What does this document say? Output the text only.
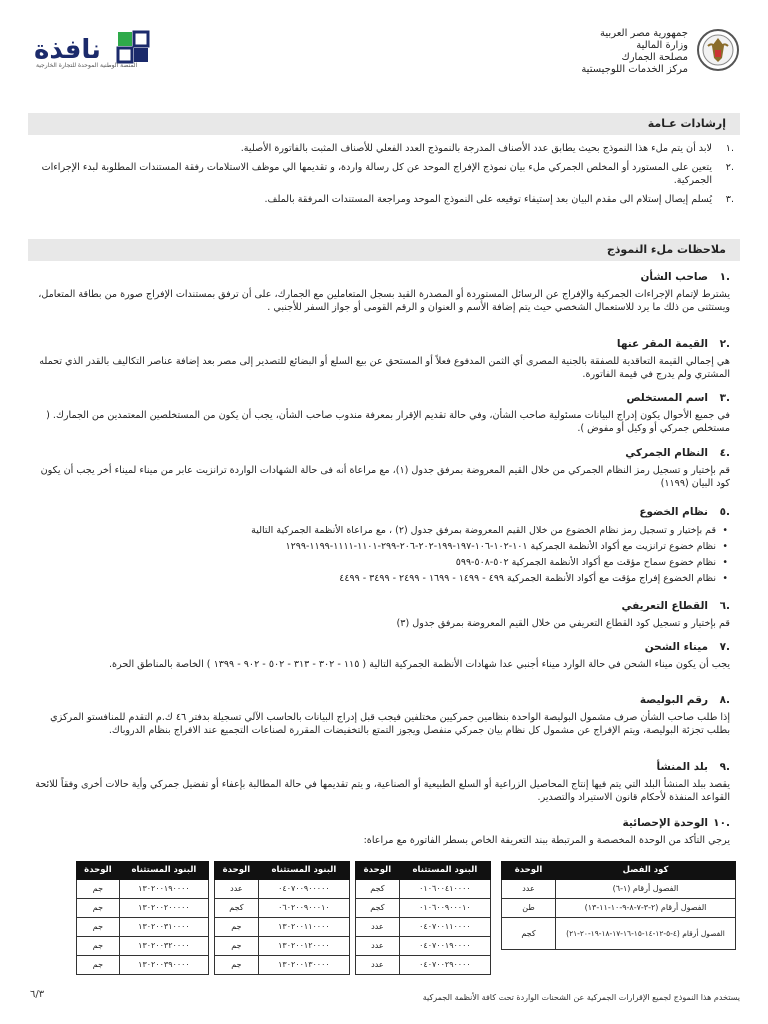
جمهورية مصر العربية
وزارة المالية
مصلحة الجمارك
مركز الخدمات اللوجيستية
نافذة
المنصة الوطنية الموحدة للتجارة الخارجية
إرشادات عـامة
.١
لابد أن يتم ملء هذا النموذج بحيث يطابق عدد الأصناف المدرجة بالنموذج العدد الفعلي للأصناف المثبت بالفاتورة الأصلية.
.٢
يتعين على المستورد أو المخلص الجمركي ملء بيان نموذج الإفراج الموحد عن كل رسالة واردة، و تقديمها الي موظف الاستلامات رفقة المستندات المطلوبة لبدء الإجراءات الجمركية.
.٣
يُسلم إيصال إستلام الى مقدم البيان بعد إستيفاء توقيعه على النموذج الموحد ومراجعة المستندات المرفقة بالملف.
ملاحظات ملء النموذج
.١صاحب الشأن
يشترط لإتمام الإجراءات الجمركية والإفراج عن الرسائل المستوردة أو المصدرة القيد بسجل المتعاملين مع الجمارك، على أن ترفق بمستندات الإفراج صورة من بطاقة المتعامل، ويستثنى من ذلك ما يرد للاستعمال الشخصي حيث يتم إضافة الأسم و العنوان و الرقم القومى أو جواز السفر للأجنبي .
.٢القيمة المقر عنها
هي إجمالي القيمة التعاقدية للصفقة بالجنية المصرى أي الثمن المدفوع فعلاً أو المستحق عن بيع السلع أو البضائع للتصدير إلى مصر بعد إضافة عناصر التكاليف بالقدر الذي تحمله المشتري ولم يدرج في قيمة الفاتورة.
.٣اسم المستخلص
في جميع الأحوال يكون إدراج البيانات مسئولية صاحب الشأن، وفي حالة تقديم الإقرار بمعرفة مندوب صاحب الشأن، يجب أن يكون من المستخلصين المعتمدين من الجمارك. ( مستخلص جمركي أو وكيل أو مفوض ).
.٤النظام الجمركي
قم بإختيار و تسجيل رمز النظام الجمركي من خلال القيم المعروضة بمرفق جدول (١)، مع مراعاة أنه فى حالة الشهادات الواردة ترانزيت عابر من ميناء لميناء أخر يجب أن يكون كود البيان (١١٩٩)
.٥نظام الخضوع
• قم بإختيار و تسجيل رمز نظام الخضوع من خلال القيم المعروضة بمرفق جدول (٢) ، مع مراعاة الأنظمة الجمركية التالية
• نظام خضوع ترانزيت مع أكواد الأنظمة الجمركية ١٠١-١٠٢-١٠٦-١٩٧-١٩٩-٢٠٢-٢٠٦-٢٩٩-١١٠١-١١١١-١١٩٩-١٢٩٩
• نظام خضوع سماح مؤقت مع أكواد الأنظمة الجمركية ٥٠٢-٥٠٨-٥٩٩
• نظام الخضوع إفراج مؤقت مع أكواد الأنظمة الجمركية ٤٩٩ - ١٤٩٩ - ١٦٩٩ - ٢٤٩٩ - ٣٤٩٩ - ٤٤٩٩
.٦القطاع التعريفي
قم بإختيار و تسجيل كود القطاع التعريفي من خلال القيم المعروضة بمرفق جدول (٣)
.٧ميناء الشحن
يجب أن يكون ميناء الشحن في حالة الوارد ميناء أجنبي عدا شهادات الأنظمة الجمركية التالية ( ١١٥ - ٣٠٢ - ٣١٣ - ٥٠٢ - ٩٠٢ - ١٣٩٩ ) الخاصة بالمناطق الحرة.
.٨رقم البوليصة
إذا طلب صاحب الشأن صرف مشمول البوليصة الواحدة بنظامين جمركيين مختلفين فيجب قبل إدراج البيانات بالحاسب الآلي تسجيلة بدفتر ٤٦ ك.م التقدم للمنافستو المركزي بطلب تجزئة البوليصة، ويتم الإفراج عن مشمول كل نظام بيان جمركي منفصل ويجوز التمتع بالتخفيضات المقررة لصناعات التجميع عند الافراج بنظام الدروباك.
.٩بلد المنشأ
يقصد ببلد المنشأ البلد التي يتم فيها إنتاج المحاصيل الزراعية أو السلع الطبيعية أو الصناعية، و يتم تقديمها في حالة المطالبة بإعفاء أو تفضيل جمركي وأية حالات أخرى وفقاً للائحة القواعد المنفذة لأحكام قانون الاستيراد والتصدير.
.١٠الوحدة الإحصائية
يرجي التأكد من الوحدة المخصصة و المرتبطة ببند التعريفة الخاص بسطر الفاتورة مع مراعاة:
كود الفصل	الوحدة
الفصول أرقام (١-٦)	عدد
الفصول أرقام (٢-٣-٧-٨-٩-١٠-١١-١٣)	طن
الفصول أرقام (٤-٥-١٢-١٤-١٥-١٦-١٧-١٨-١٩-٢٠-٢١)	كجم
البنود المستثناه	الوحدة
٠١٠٦٠٠٤١٠٠٠٠	كجم
٠١٠٦٠٠٩٠٠٠١٠	كجم
٠٤٠٧٠٠١١٠٠٠٠	عدد
٠٤٠٧٠٠١٩٠٠٠٠	عدد
٠٤٠٧٠٠٢٩٠٠٠٠	عدد
البنود المستثناه	الوحدة
٠٤٠٧٠٠٩٠٠٠٠٠	عدد
٠٦٠٢٠٠٩٠٠٠١٠	كجم
١٣٠٢٠٠١١٠٠٠٠	جم
١٣٠٢٠٠١٢٠٠٠٠	جم
١٣٠٢٠٠١٣٠٠٠٠	جم
البنود المستثناه	الوحدة
١٣٠٢٠٠١٩٠٠٠٠	جم
١٣٠٢٠٠٢٠٠٠٠٠	جم
١٣٠٢٠٠٣١٠٠٠٠	جم
١٣٠٢٠٠٣٢٠٠٠٠	جم
١٣٠٢٠٠٣٩٠٠٠٠	جم
٦/٣	يستخدم هذا النموذج لجميع الإقرارات الجمركية عن الشحنات الواردة تحت كافة الأنظمة الجمركية
